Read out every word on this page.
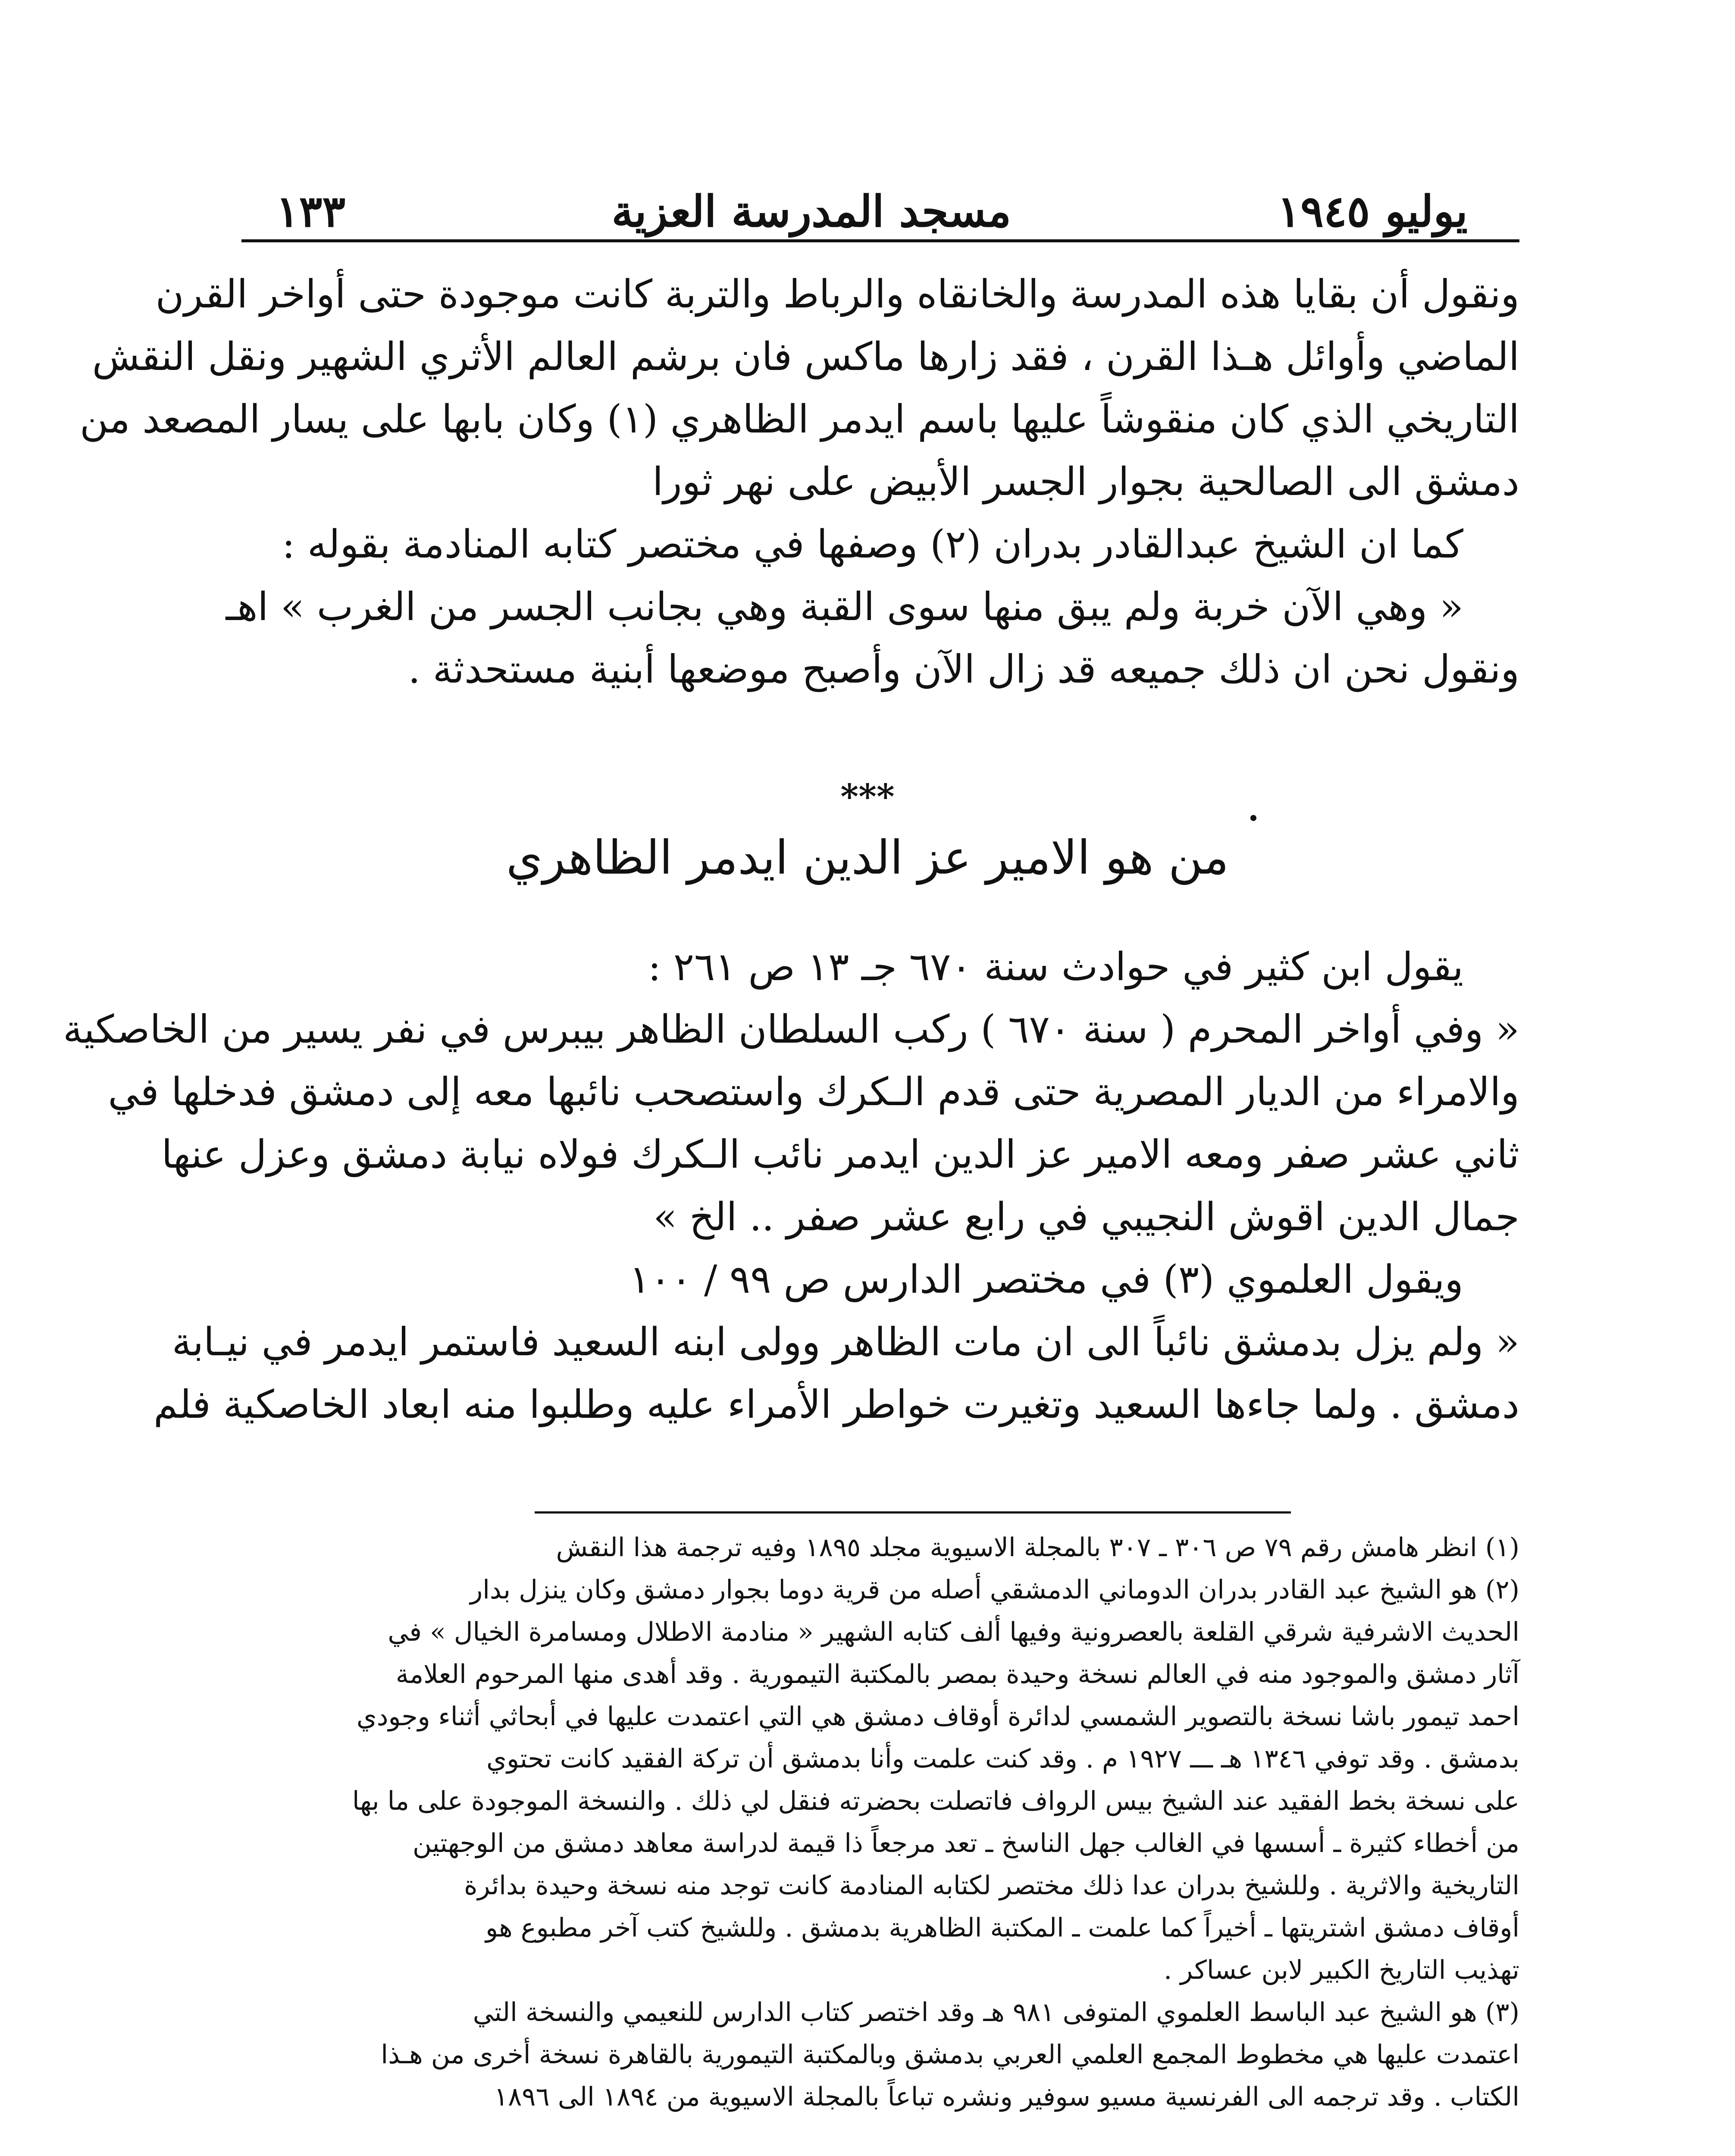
يوليو ١٩٤٥
مسجد المدرسة العزية
١٣٣
ونقول أن بقايا هذه المدرسة والخانقاه والرباط والتربة كانت موجودة حتى أواخر القرن
الماضي وأوائل هـذا القرن ، فقد زارها ماكس فان برشم العالم الأثري الشهير ونقل النقش
التاريخي الذي كان منقوشاً عليها باسم ايدمر الظاهري (١) وكان بابها على يسار المصعد من
دمشق الى الصالحية بجوار الجسر الأبيض على نهر ثورا
كما ان الشيخ عبدالقادر بدران (٢) وصفها في مختصر كتابه المنادمة بقوله :
« وهي الآن خربة ولم يبق منها سوى القبة وهي بجانب الجسر من الغرب » اهـ
ونقول نحن ان ذلك جميعه قد زال الآن وأصبح موضعها أبنية مستحدثة .
***
من هو الامير عز الدين ايدمر الظاهري
يقول ابن كثير في حوادث سنة ٦٧٠ جـ ١٣ ص ٢٦١ :
« وفي أواخر المحرم ( سنة ٦٧٠ ) ركب السلطان الظاهر بيبرس في نفر يسير من الخاصكية
والامراء من الديار المصرية حتى قدم الـكرك واستصحب نائبها معه إلى دمشق فدخلها في
ثاني عشر صفر ومعه الامير عز الدين ايدمر نائب الـكرك فولاه نيابة دمشق وعزل عنها
جمال الدين اقوش النجيبي في رابع عشر صفر .. الخ »
ويقول العلموي (٣) في مختصر الدارس ص ٩٩ / ١٠٠
« ولم يزل بدمشق نائباً الى ان مات الظاهر وولى ابنه السعيد فاستمر ايدمر في نيـابة
دمشق . ولما جاءها السعيد وتغيرت خواطر الأمراء عليه وطلبوا منه ابعاد الخاصكية فلم
(١) انظر هامش رقم ٧٩ ص ٣٠٦ ـ ٣٠٧ بالمجلة الاسيوية مجلد ١٨٩٥ وفيه ترجمة هذا النقش
(٢) هو الشيخ عبد القادر بدران الدوماني الدمشقي أصله من قرية دوما بجوار دمشق وكان ينزل بدار
الحديث الاشرفية شرقي القلعة بالعصرونية وفيها ألف كتابه الشهير « منادمة الاطلال ومسامرة الخيال » في
آثار دمشق والموجود منه في العالم نسخة وحيدة بمصر بالمكتبة التيمورية . وقد أهدى منها المرحوم العلامة
احمد تيمور باشا نسخة بالتصوير الشمسي لدائرة أوقاف دمشق هي التي اعتمدت عليها في أبحاثي أثناء وجودي
بدمشق . وقد توفي ١٣٤٦ هـ ـــ ١٩٢٧ م . وقد كنت علمت وأنا بدمشق أن تركة الفقيد كانت تحتوي
على نسخة بخط الفقيد عند الشيخ بيس الرواف فاتصلت بحضرته فنقل لي ذلك . والنسخة الموجودة على ما بها
من أخطاء كثيرة ـ أسسها في الغالب جهل الناسخ ـ تعد مرجعاً ذا قيمة لدراسة معاهد دمشق من الوجهتين
التاريخية والاثرية . وللشيخ بدران عدا ذلك مختصر لكتابه المنادمة كانت توجد منه نسخة وحيدة بدائرة
أوقاف دمشق اشتريتها ـ أخيراً كما علمت ـ المكتبة الظاهرية بدمشق . وللشيخ كتب آخر مطبوع هو
تهذيب التاريخ الكبير لابن عساكر .
(٣) هو الشيخ عبد الباسط العلموي المتوفى ٩٨١ هـ وقد اختصر كتاب الدارس للنعيمي والنسخة التي
اعتمدت عليها هي مخطوط المجمع العلمي العربي بدمشق وبالمكتبة التيمورية بالقاهرة نسخة أخرى من هـذا
الكتاب . وقد ترجمه الى الفرنسية مسيو سوفير ونشره تباعاً بالمجلة الاسيوية من ١٨٩٤ الى ١٨٩٦
